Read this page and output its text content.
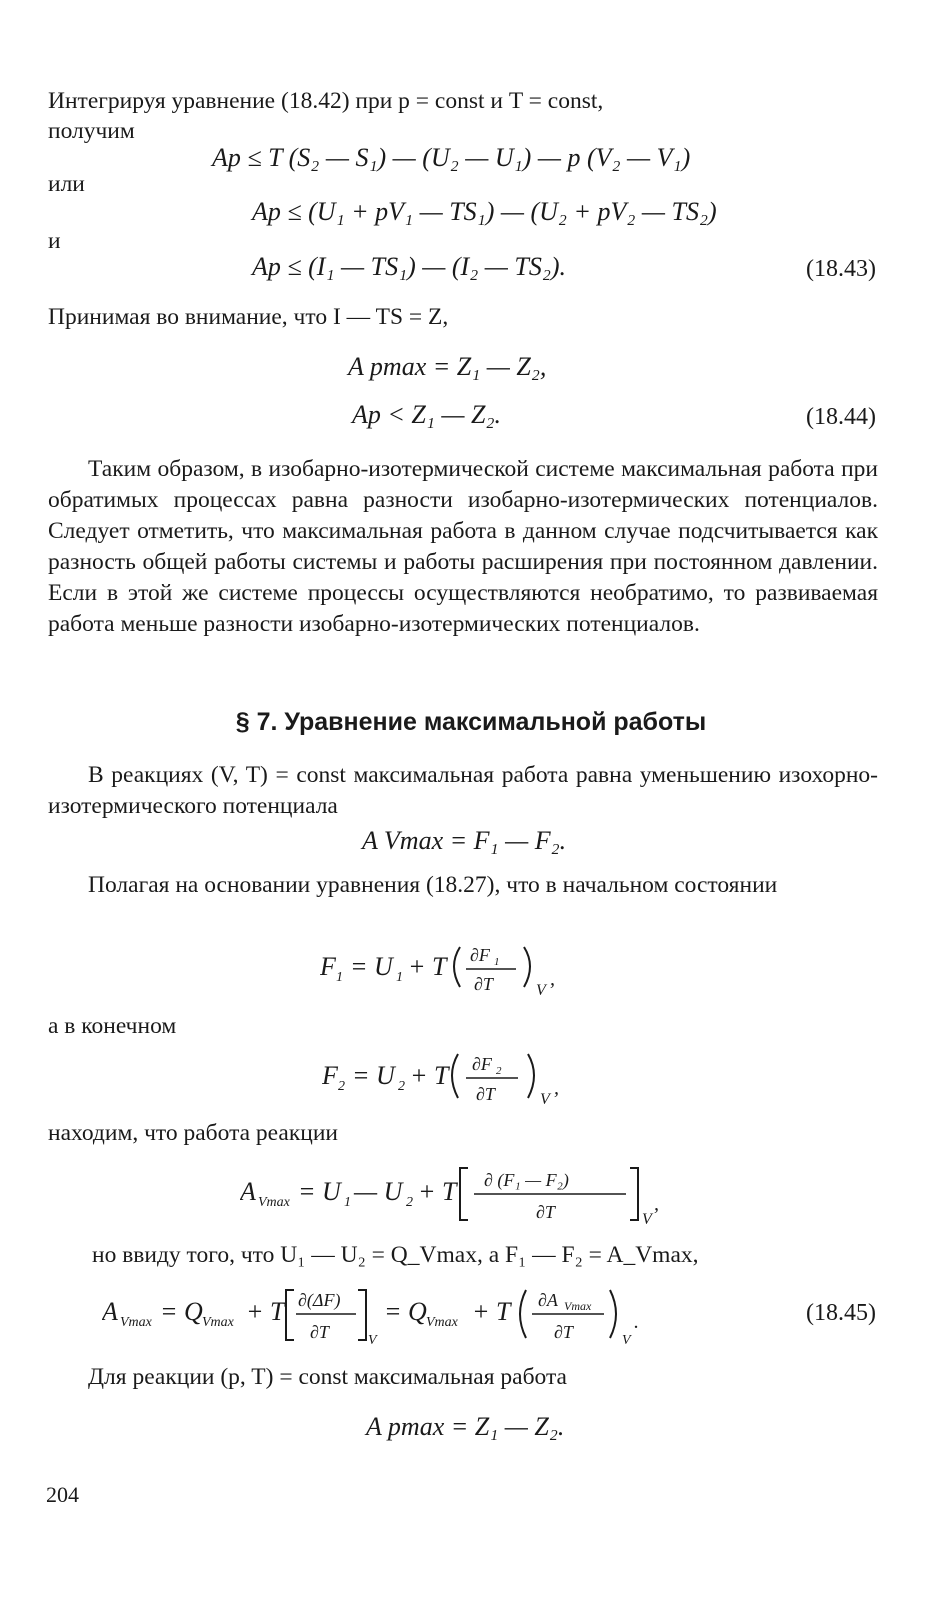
Интегрируя уравнение (18.42) при p = const и T = const,
получим
Ap ≤ T (S₂ — S₁) — (U₂ — U₁) — p (V₂ — V₁)
или
Ap ≤ (U₁ + pV₁ — TS₁) — (U₂ + pV₂ — TS₂)
и
Ap ≤ (I₁ — TS₁) — (I₂ — TS₂).	(18.43)
Принимая во внимание, что I — TS = Z,
A pmax = Z₁ — Z₂,
Ap < Z₁ — Z₂.	(18.44)
Таким образом, в изобарно-изотермической системе максимальная работа при обратимых процессах равна разности изобарно-изотермических потенциалов. Следует отметить, что максимальная работа в данном случае подсчитывается как разность общей работы системы и работы расширения при постоянном давлении. Если в этой же системе процессы осуществляются необратимо, то развиваемая работа меньше разности изобарно-изотермических потенциалов.
§ 7. Уравнение максимальной работы
В реакциях (V, T) = const максимальная работа равна уменьшению изохорно-изотермического потенциала
A Vmax = F₁ — F₂.
Полагая на основании уравнения (18.27), что в начальном состоянии
F 1 = U 1 + T ∂F 1
∂T	V
,
а в конечном
F 2 = U 2 + T ∂F 2
∂T	V
,
находим, что работа реакции
A Vmax = U 1 — U 2 + T ∂ (F₁ — F₂)
∂T	V
,
но ввиду того, что U₁ — U₂ = Q_Vmax, а F₁ — F₂ = A_Vmax,
A Vmax = Q Vmax + T ∂(ΔF)
∂T	V
= Q Vmax + T ∂A Vmax
∂T	V
.	(18.45)
Для реакции (p, T) = const максимальная работа
A pmax = Z₁ — Z₂.
204
